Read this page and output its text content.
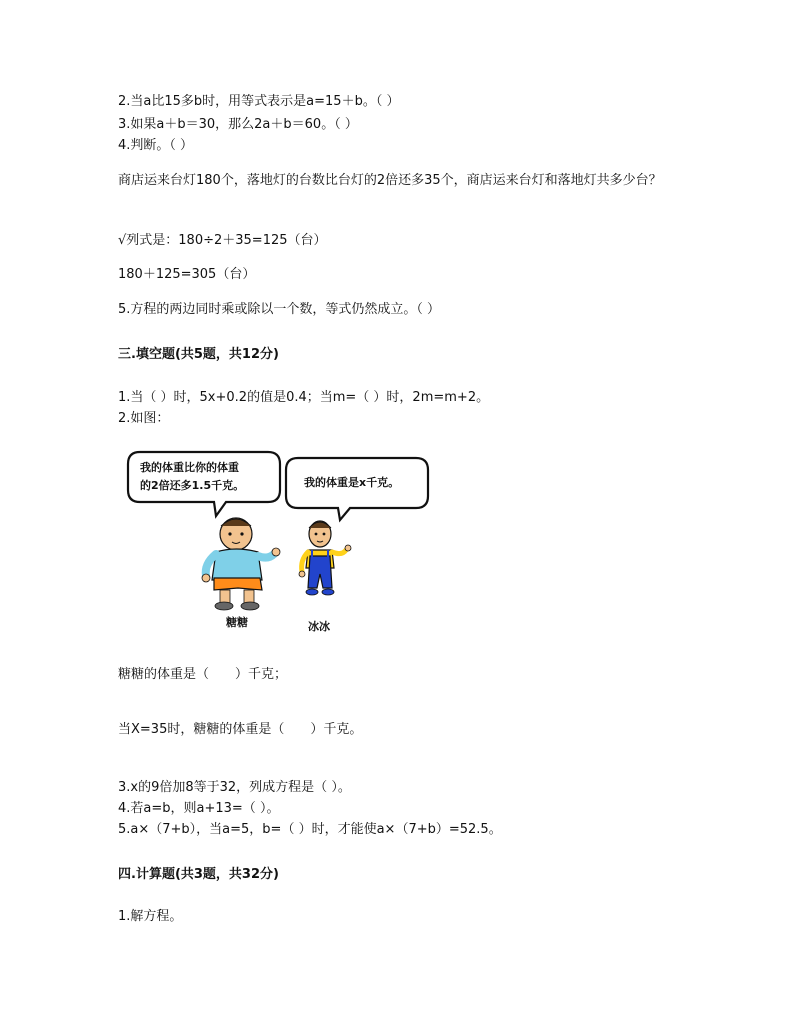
2.当a比15多b时，用等式表示是a=15＋b。（ ）
3.如果a＋b＝30，那么2a＋b＝60。（ ）
4.判断。（ ）
商店运来台灯180个，落地灯的台数比台灯的2倍还多35个，商店运来台灯和落地灯共多少台？
√列式是：180÷2＋35=125（台）
180＋125=305（台）
5.方程的两边同时乘或除以一个数，等式仍然成立。（ ）
三.填空题(共5题，共12分)
1.当（ ）时，5x+0.2的值是0.4；当m=（ ）时，2m=m+2。
2.如图：
我的体重比你的体重
的2倍还多1.5千克。	我的体重是x千克。
糖糖	冰冰
糖糖的体重是（　　）千克；
当X=35时，糖糖的体重是（　　）千克。
3.x的9倍加8等于32，列成方程是（ ）。
4.若a=b，则a+13=（ ）。
5.a×（7+b），当a=5，b=（ ）时，才能使a×（7+b）=52.5。
四.计算题(共3题，共32分)
1.解方程。
